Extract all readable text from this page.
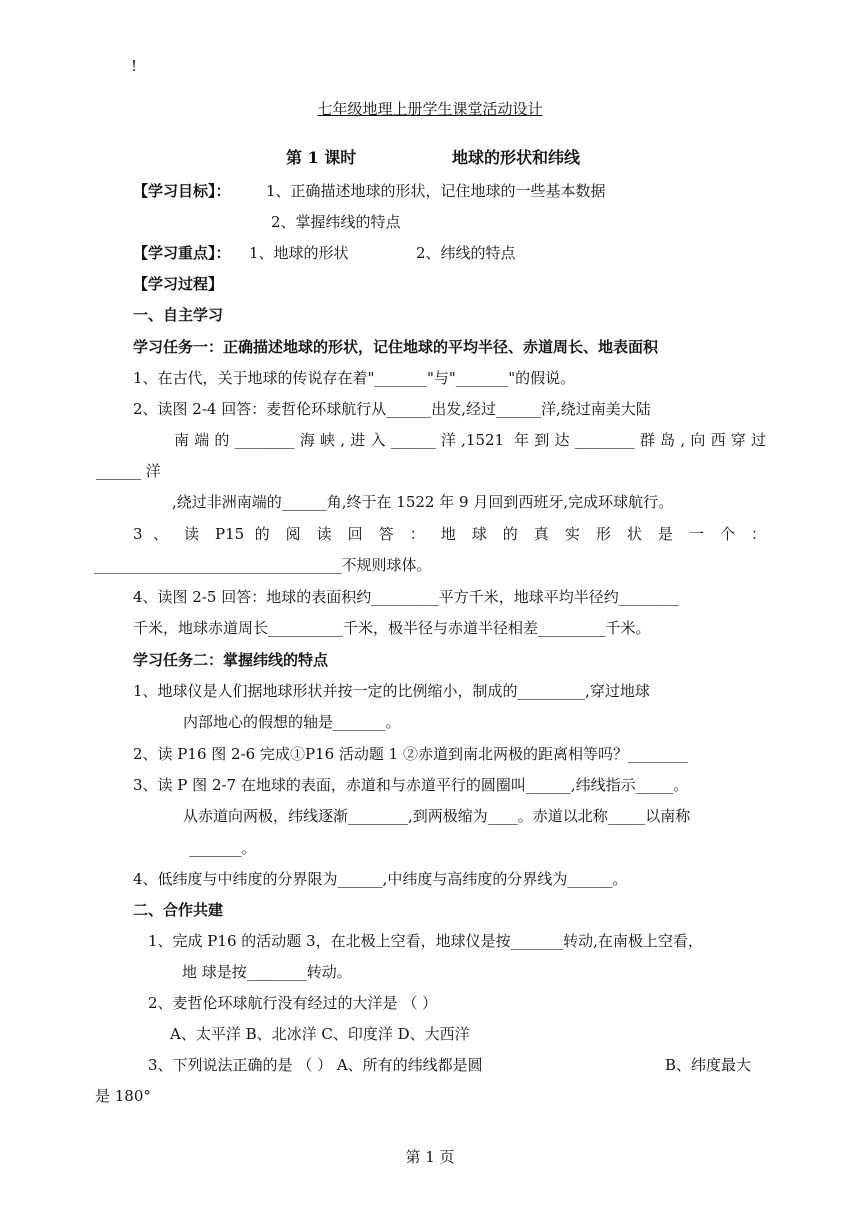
!
七年级地理上册学生课堂活动设计
第 1 课时	地球的形状和纬线
【学习目标】： 1、正确描述地球的形状，记住地球的一些基本数据
2、掌握纬线的特点
【学习重点】： 1、地球的形状	2、纬线的特点
【学习过程】
一、自主学习
学习任务一：正确描述地球的形状，记住地球的平均半径、赤道周长、地表面积
1、在古代，关于地球的传说存在着"_______"与"_______"的假说。
2、读图 2-4 回答：麦哲伦环球航行从______出发,经过______洋,绕过南美大陆
南端的________海峡,进入______洋,1521 年到达________群岛,向西穿过
______ 洋
,绕过非洲南端的______角,终于在 1522 年 9 月回到西班牙,完成环球航行。
3 、 读 P15 的 阅 读 回 答 ： 地 球 的 真 实 形 状 是 一 个 ：
_________________________________不规则球体。
4、读图 2-5 回答：地球的表面积约_________平方千米，地球平均半径约________
千米，地球赤道周长__________千米，极半径与赤道半径相差_________千米。
学习任务二：掌握纬线的特点
1、地球仪是人们据地球形状并按一定的比例缩小，制成的_________,穿过地球
内部地心的假想的轴是_______。
2、读 P16 图 2-6 完成①P16 活动题 1 ②赤道到南北两极的距离相等吗？________
3、读 P 图 2-7 在地球的表面，赤道和与赤道平行的圆圈叫______,纬线指示_____。
从赤道向两极，纬线逐渐________,到两极缩为____。赤道以北称_____以南称
_______。
4、低纬度与中纬度的分界限为______,中纬度与高纬度的分界线为______。
二、合作共建
1、完成 P16 的活动题 3，在北极上空看，地球仪是按_______转动,在南极上空看，
地 球是按________转动。
2、麦哲伦环球航行没有经过的大洋是 （ ）
A、太平洋 B、北冰洋 C、印度洋 D、大西洋
3、下列说法正确的是 （ ） A、所有的纬线都是圆	B、纬度最大
是 180°
第 1 页
